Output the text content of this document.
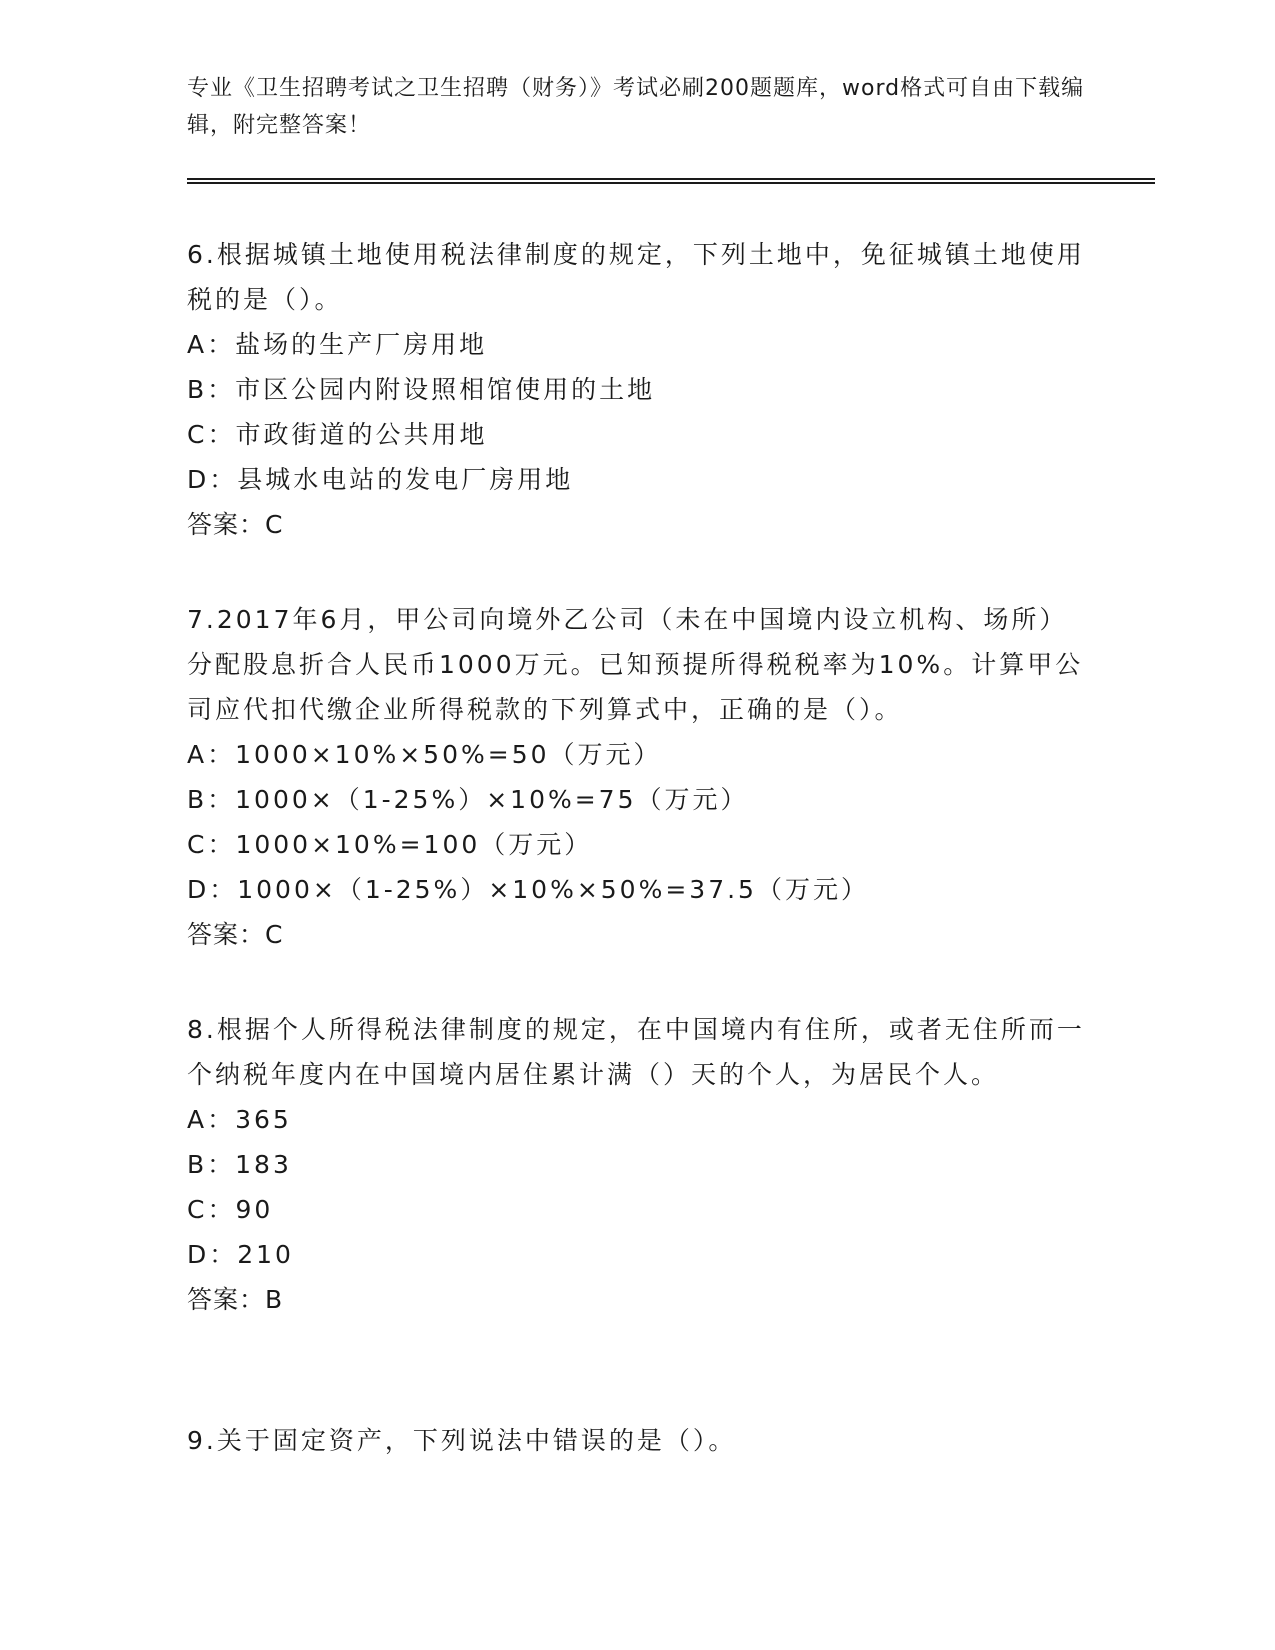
专业《卫生招聘考试之卫生招聘（财务）》考试必刷200题题库，word格式可自由下载编辑，附完整答案！
6.根据城镇土地使用税法律制度的规定，下列土地中，免征城镇土地使用税的是（）。
A：盐场的生产厂房用地
B：市区公园内附设照相馆使用的土地
C：市政街道的公共用地
D：县城水电站的发电厂房用地
答案：C
7.2017年6月，甲公司向境外乙公司（未在中国境内设立机构、场所）分配股息折合人民币1000万元。已知预提所得税税率为10%。计算甲公司应代扣代缴企业所得税款的下列算式中，正确的是（）。
A：1000×10%×50%=50（万元）
B：1000×（1-25%）×10%=75（万元）
C：1000×10%=100（万元）
D：1000×（1-25%）×10%×50%=37.5（万元）
答案：C
8.根据个人所得税法律制度的规定，在中国境内有住所，或者无住所而一个纳税年度内在中国境内居住累计满（）天的个人，为居民个人。
A：365
B：183
C：90
D：210
答案：B
9.关于固定资产，下列说法中错误的是（）。
